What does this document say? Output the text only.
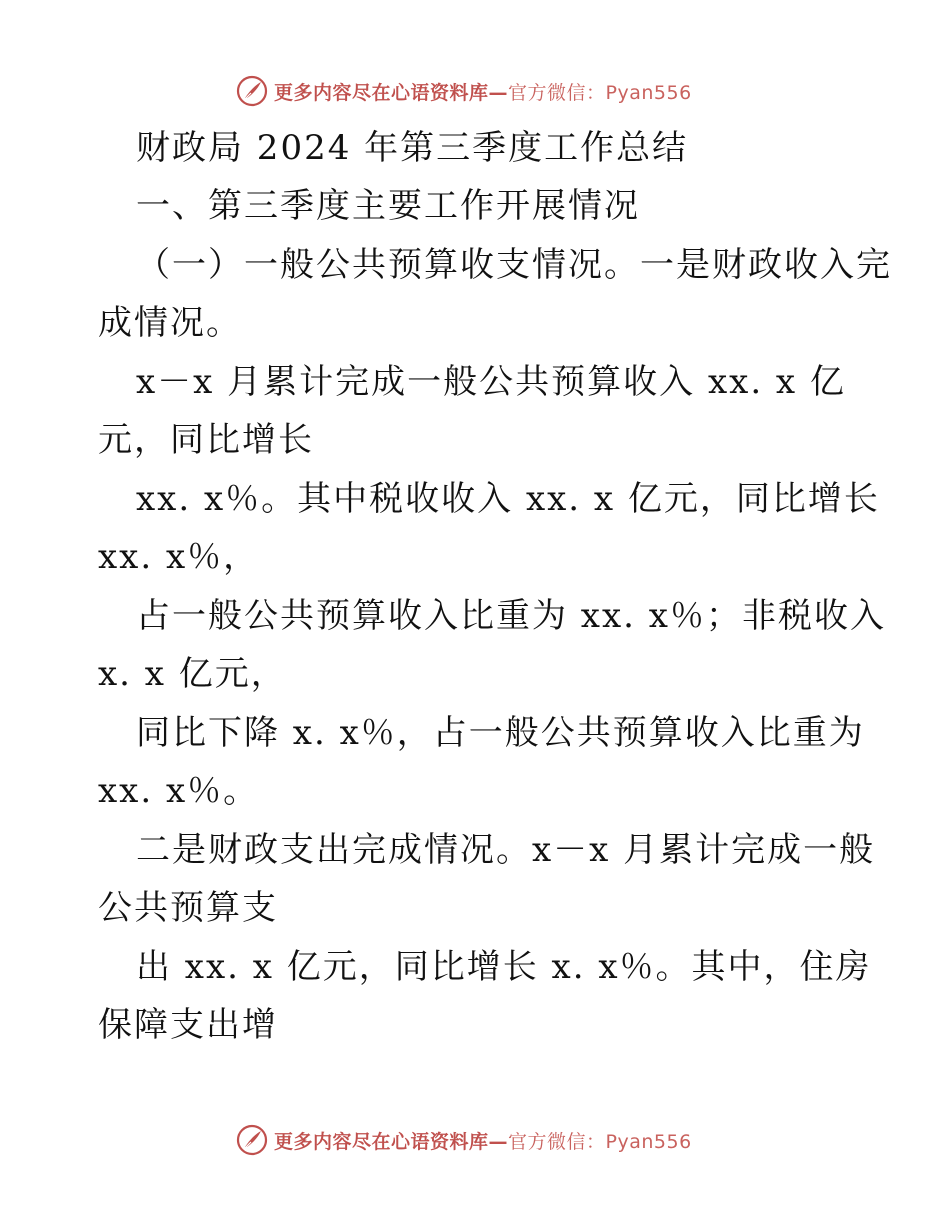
更多内容尽在心语资料库—官方微信：Pyan556
财政局 2024 年第三季度工作总结
一、第三季度主要工作开展情况
（一）一般公共预算收支情况。一是财政收入完
成情况。
x－x 月累计完成一般公共预算收入 xx. x 亿
元，同比增长
xx. x％。其中税收收入 xx. x 亿元，同比增长
xx. x％，
占一般公共预算收入比重为 xx. x％；非税收入
x. x 亿元，
同比下降 x. x％，占一般公共预算收入比重为
xx. x％。
二是财政支出完成情况。x－x 月累计完成一般
公共预算支
出 xx. x 亿元，同比增长 x. x％。其中，住房
保障支出增
更多内容尽在心语资料库—官方微信：Pyan556
